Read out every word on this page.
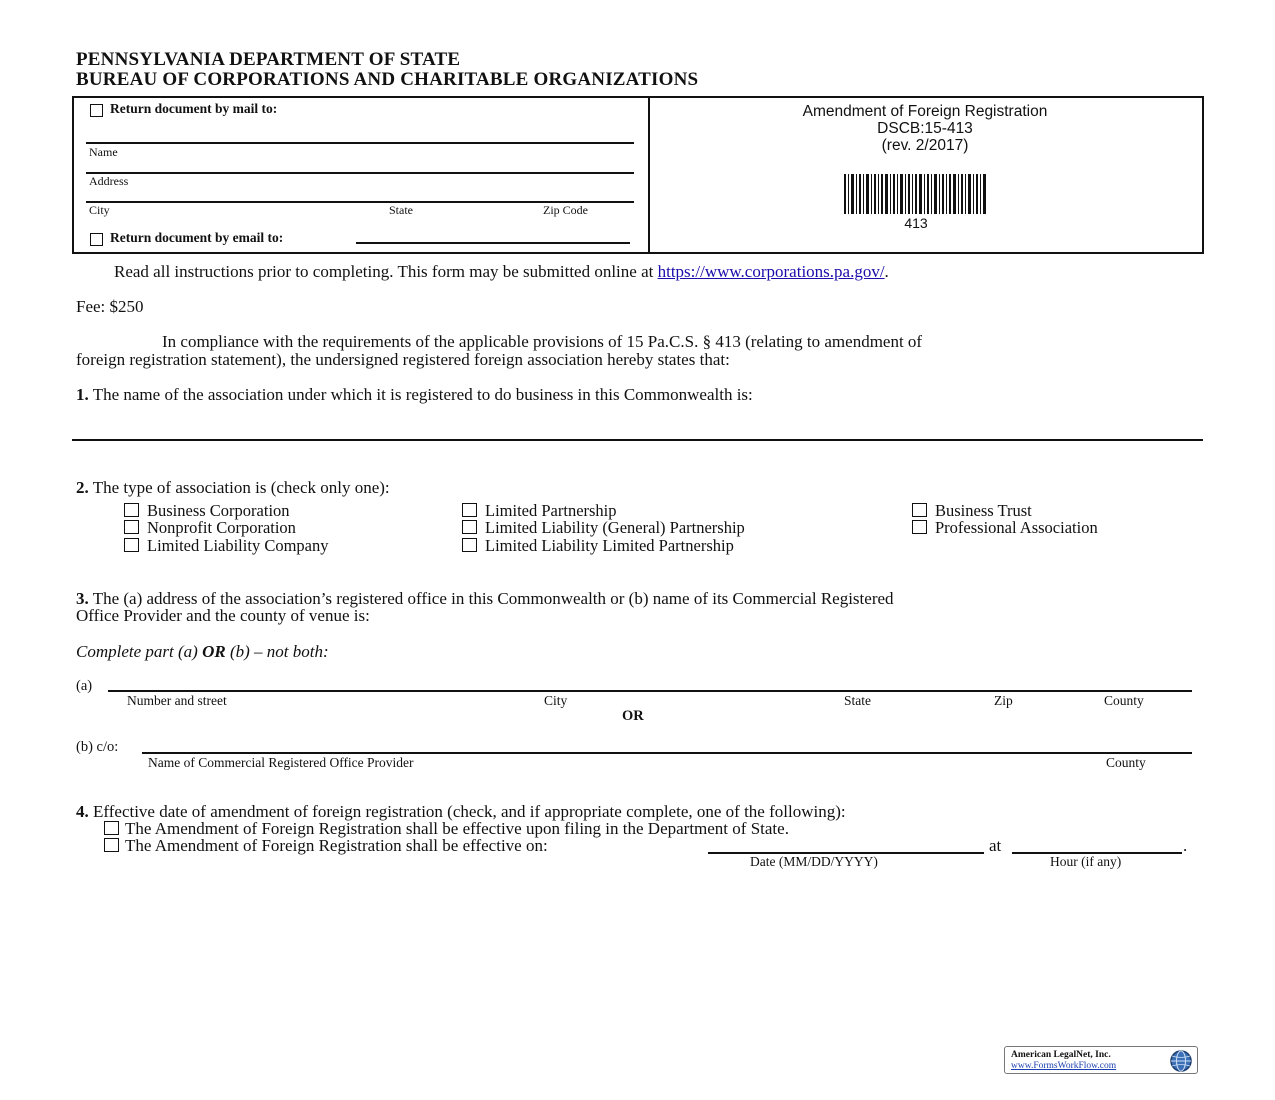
PENNSYLVANIA DEPARTMENT OF STATE
BUREAU OF CORPORATIONS AND CHARITABLE ORGANIZATIONS
Return document by mail to:
Name
Address
City	State	Zip Code
Return document by email to:
Amendment of Foreign Registration
DSCB:15-413
(rev. 2/2017)
413
Read all instructions prior to completing. This form may be submitted online at https://www.corporations.pa.gov/.
Fee: $250
In compliance with the requirements of the applicable provisions of 15 Pa.C.S. § 413 (relating to amendment of
foreign registration statement), the undersigned registered foreign association hereby states that:
1. The name of the association under which it is registered to do business in this Commonwealth is:
2. The type of association is (check only one):
Business Corporation
Nonprofit Corporation
Limited Liability Company
Limited Partnership
Limited Liability (General) Partnership
Limited Liability Limited Partnership
Business Trust
Professional Association
3. The (a) address of the association’s registered office in this Commonwealth or (b) name of its Commercial Registered
Office Provider and the county of venue is:
Complete part (a) OR (b) – not both:
(a)
Number and street	City	State	Zip	County
OR
(b) c/o:
Name of Commercial Registered Office Provider	County
4. Effective date of amendment of foreign registration (check, and if appropriate complete, one of the following):
The Amendment of Foreign Registration shall be effective upon filing in the Department of State.
The Amendment of Foreign Registration shall be effective on:	at	.
Date (MM/DD/YYYY)	Hour (if any)
American LegalNet, Inc.
www.FormsWorkFlow.com
